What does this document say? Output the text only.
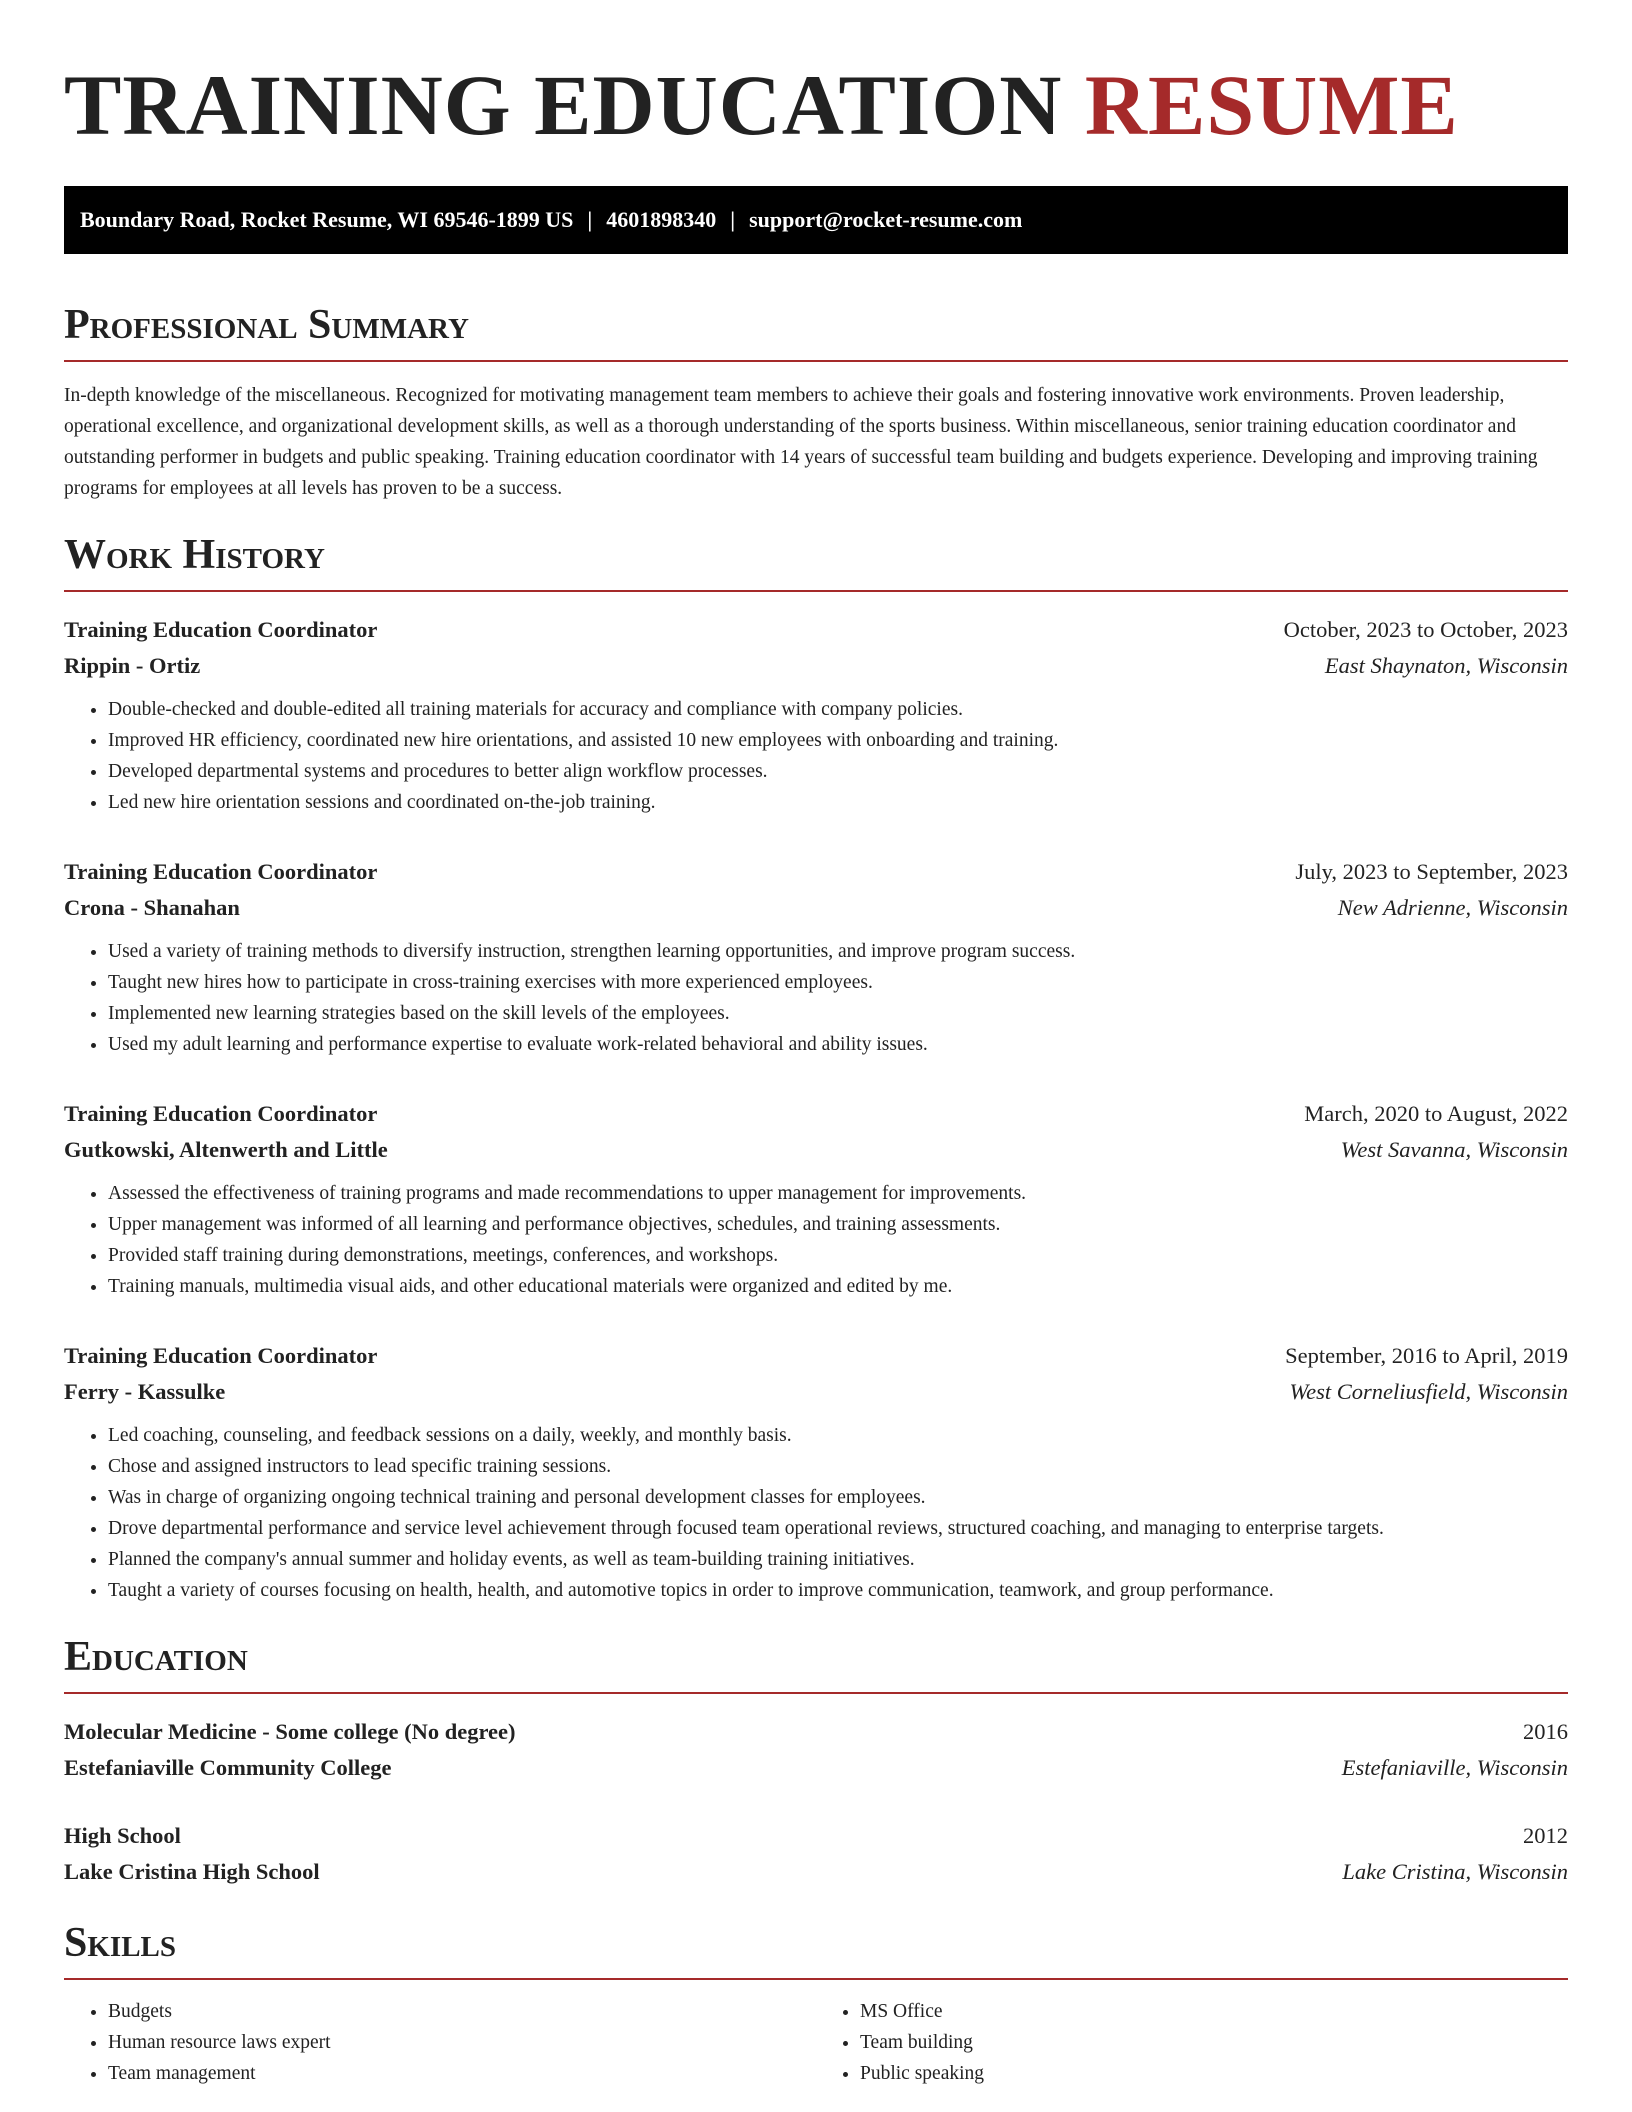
TRAINING EDUCATION RESUME
Boundary Road, Rocket Resume, WI 69546-1899 US | 4601898340 | support@rocket-resume.com
Professional Summary

In-depth knowledge of the miscellaneous. Recognized for motivating management team members to achieve their goals and fostering innovative work environments. Proven leadership, operational excellence, and organizational development skills, as well as a thorough understanding of the sports business. Within miscellaneous, senior training education coordinator and outstanding performer in budgets and public speaking. Training education coordinator with 14 years of successful team building and budgets experience. Developing and improving training programs for employees at all levels has proven to be a success.

Work History
Training Education Coordinator	October, 2023 to October, 2023
Rippin - Ortiz	East Shaynaton, Wisconsin
• Double-checked and double-edited all training materials for accuracy and compliance with company policies.
• Improved HR efficiency, coordinated new hire orientations, and assisted 10 new employees with onboarding and training.
• Developed departmental systems and procedures to better align workflow processes.
• Led new hire orientation sessions and coordinated on-the-job training.
Training Education Coordinator	July, 2023 to September, 2023
Crona - Shanahan	New Adrienne, Wisconsin
• Used a variety of training methods to diversify instruction, strengthen learning opportunities, and improve program success.
• Taught new hires how to participate in cross-training exercises with more experienced employees.
• Implemented new learning strategies based on the skill levels of the employees.
• Used my adult learning and performance expertise to evaluate work-related behavioral and ability issues.
Training Education Coordinator	March, 2020 to August, 2022
Gutkowski, Altenwerth and Little	West Savanna, Wisconsin
• Assessed the effectiveness of training programs and made recommendations to upper management for improvements.
• Upper management was informed of all learning and performance objectives, schedules, and training assessments.
• Provided staff training during demonstrations, meetings, conferences, and workshops.
• Training manuals, multimedia visual aids, and other educational materials were organized and edited by me.
Training Education Coordinator	September, 2016 to April, 2019
Ferry - Kassulke	West Corneliusfield, Wisconsin
• Led coaching, counseling, and feedback sessions on a daily, weekly, and monthly basis.
• Chose and assigned instructors to lead specific training sessions.
• Was in charge of organizing ongoing technical training and personal development classes for employees.
• Drove departmental performance and service level achievement through focused team operational reviews, structured coaching, and managing to enterprise targets.
• Planned the company's annual summer and holiday events, as well as team-building training initiatives.
• Taught a variety of courses focusing on health, health, and automotive topics in order to improve communication, teamwork, and group performance.
Education
Molecular Medicine - Some college (No degree)	2016
Estefaniaville Community College	Estefaniaville, Wisconsin
High School	2012
Lake Cristina High School	Lake Cristina, Wisconsin
Skills
• Budgets
• Human resource laws expert
• Team management
• MS Office
• Team building
• Public speaking
